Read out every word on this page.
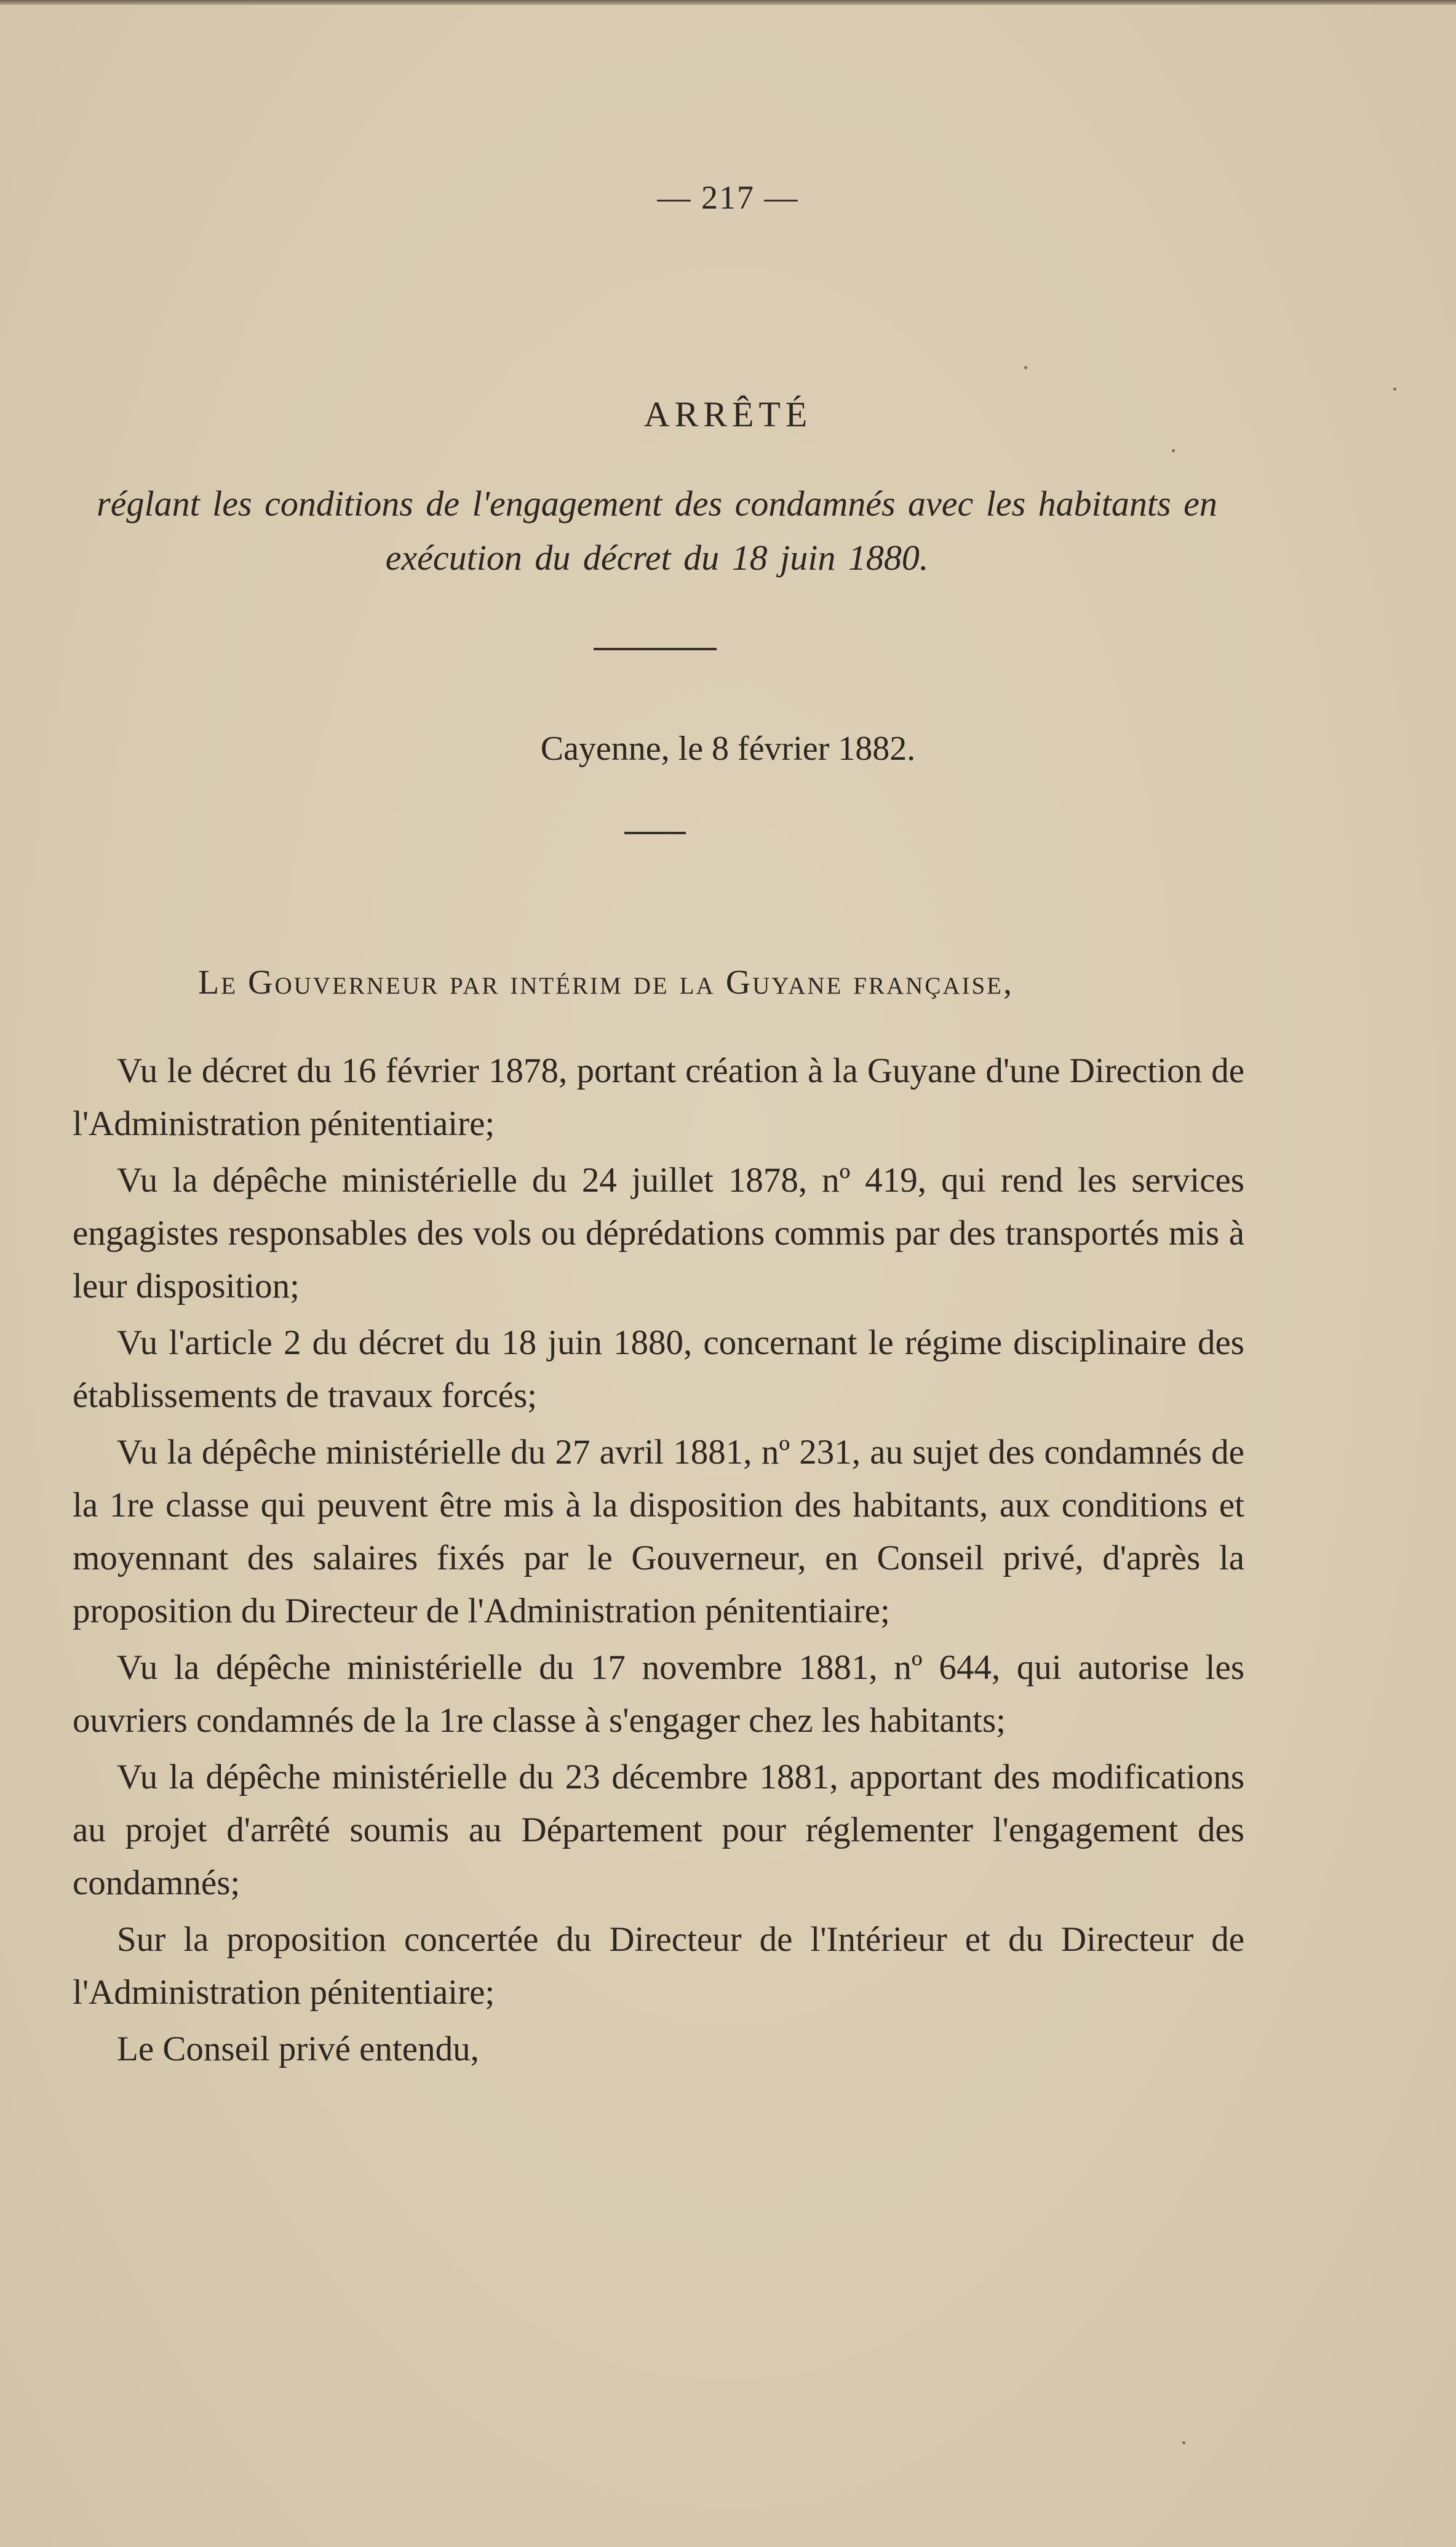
— 217 —
ARRÊTÉ
réglant les conditions de l'engagement des condamnés avec les habitants en exécution du décret du 18 juin 1880.
Cayenne, le 8 février 1882.
Le Gouverneur par intérim de la Guyane française,

Vu le décret du 16 février 1878, portant création à la Guyane d'une Direction de l'Administration pénitentiaire;

Vu la dépêche ministérielle du 24 juillet 1878, nº 419, qui rend les services engagistes responsables des vols ou déprédations commis par des transportés mis à leur disposition;

Vu l'article 2 du décret du 18 juin 1880, concernant le régime disciplinaire des établissements de travaux forcés;

Vu la dépêche ministérielle du 27 avril 1881, nº 231, au sujet des condamnés de la 1re classe qui peuvent être mis à la disposition des habitants, aux conditions et moyennant des salaires fixés par le Gouverneur, en Conseil privé, d'après la proposition du Directeur de l'Administration pénitentiaire;

Vu la dépêche ministérielle du 17 novembre 1881, nº 644, qui autorise les ouvriers condamnés de la 1re classe à s'engager chez les habitants;

Vu la dépêche ministérielle du 23 décembre 1881, apportant des modifications au projet d'arrêté soumis au Département pour réglementer l'engagement des condamnés;

Sur la proposition concertée du Directeur de l'Intérieur et du Directeur de l'Administration pénitentiaire;

Le Conseil privé entendu,
